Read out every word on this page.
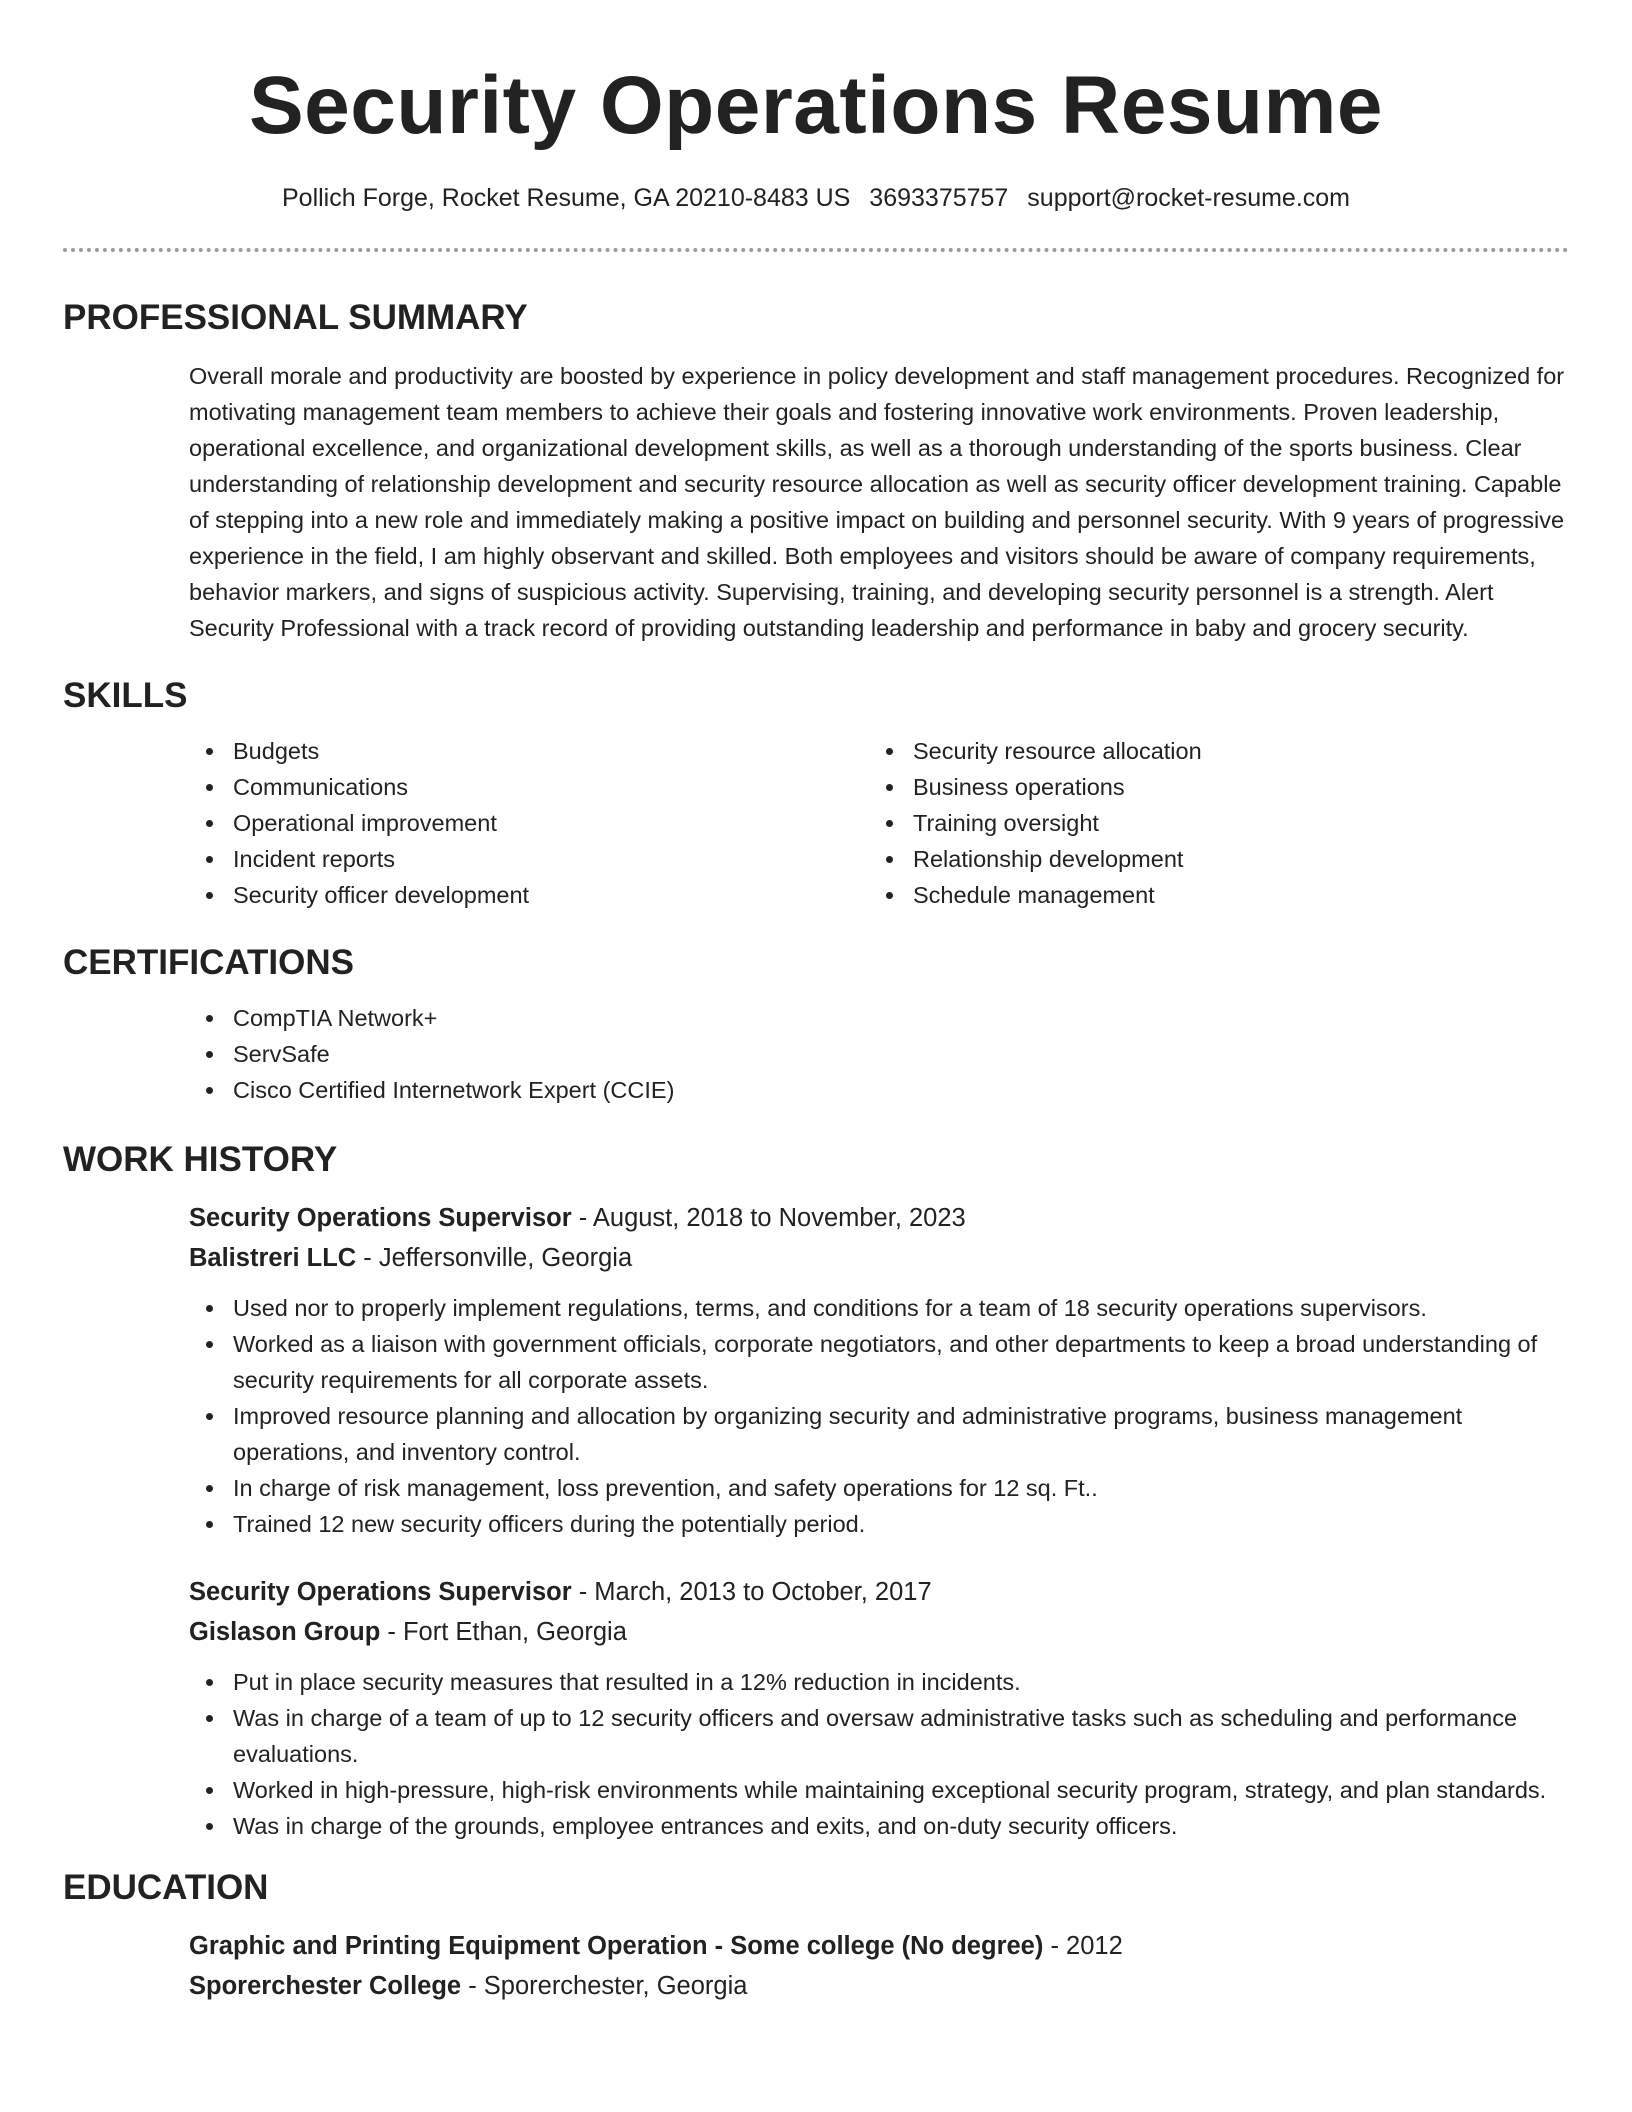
Security Operations Resume
Pollich Forge, Rocket Resume, GA 20210-8483 US 3693375757 support@rocket-resume.com
PROFESSIONAL SUMMARY
Overall morale and productivity are boosted by experience in policy development and staff management procedures. Recognized for motivating management team members to achieve their goals and fostering innovative work environments. Proven leadership, operational excellence, and organizational development skills, as well as a thorough understanding of the sports business. Clear understanding of relationship development and security resource allocation as well as security officer development training. Capable of stepping into a new role and immediately making a positive impact on building and personnel security. With 9 years of progressive experience in the field, I am highly observant and skilled. Both employees and visitors should be aware of company requirements, behavior markers, and signs of suspicious activity. Supervising, training, and developing security personnel is a strength. Alert Security Professional with a track record of providing outstanding leadership and performance in baby and grocery security.
SKILLS
Budgets
Communications
Operational improvement
Incident reports
Security officer development
Security resource allocation
Business operations
Training oversight
Relationship development
Schedule management
CERTIFICATIONS
CompTIA Network+
ServSafe
Cisco Certified Internetwork Expert (CCIE)
WORK HISTORY
Security Operations Supervisor - August, 2018 to November, 2023
Balistreri LLC - Jeffersonville, Georgia
Used nor to properly implement regulations, terms, and conditions for a team of 18 security operations supervisors.
Worked as a liaison with government officials, corporate negotiators, and other departments to keep a broad understanding of security requirements for all corporate assets.
Improved resource planning and allocation by organizing security and administrative programs, business management operations, and inventory control.
In charge of risk management, loss prevention, and safety operations for 12 sq. Ft..
Trained 12 new security officers during the potentially period.
Security Operations Supervisor - March, 2013 to October, 2017
Gislason Group - Fort Ethan, Georgia
Put in place security measures that resulted in a 12% reduction in incidents.
Was in charge of a team of up to 12 security officers and oversaw administrative tasks such as scheduling and performance evaluations.
Worked in high-pressure, high-risk environments while maintaining exceptional security program, strategy, and plan standards.
Was in charge of the grounds, employee entrances and exits, and on-duty security officers.
EDUCATION
Graphic and Printing Equipment Operation - Some college (No degree) - 2012
Sporerchester College - Sporerchester, Georgia
